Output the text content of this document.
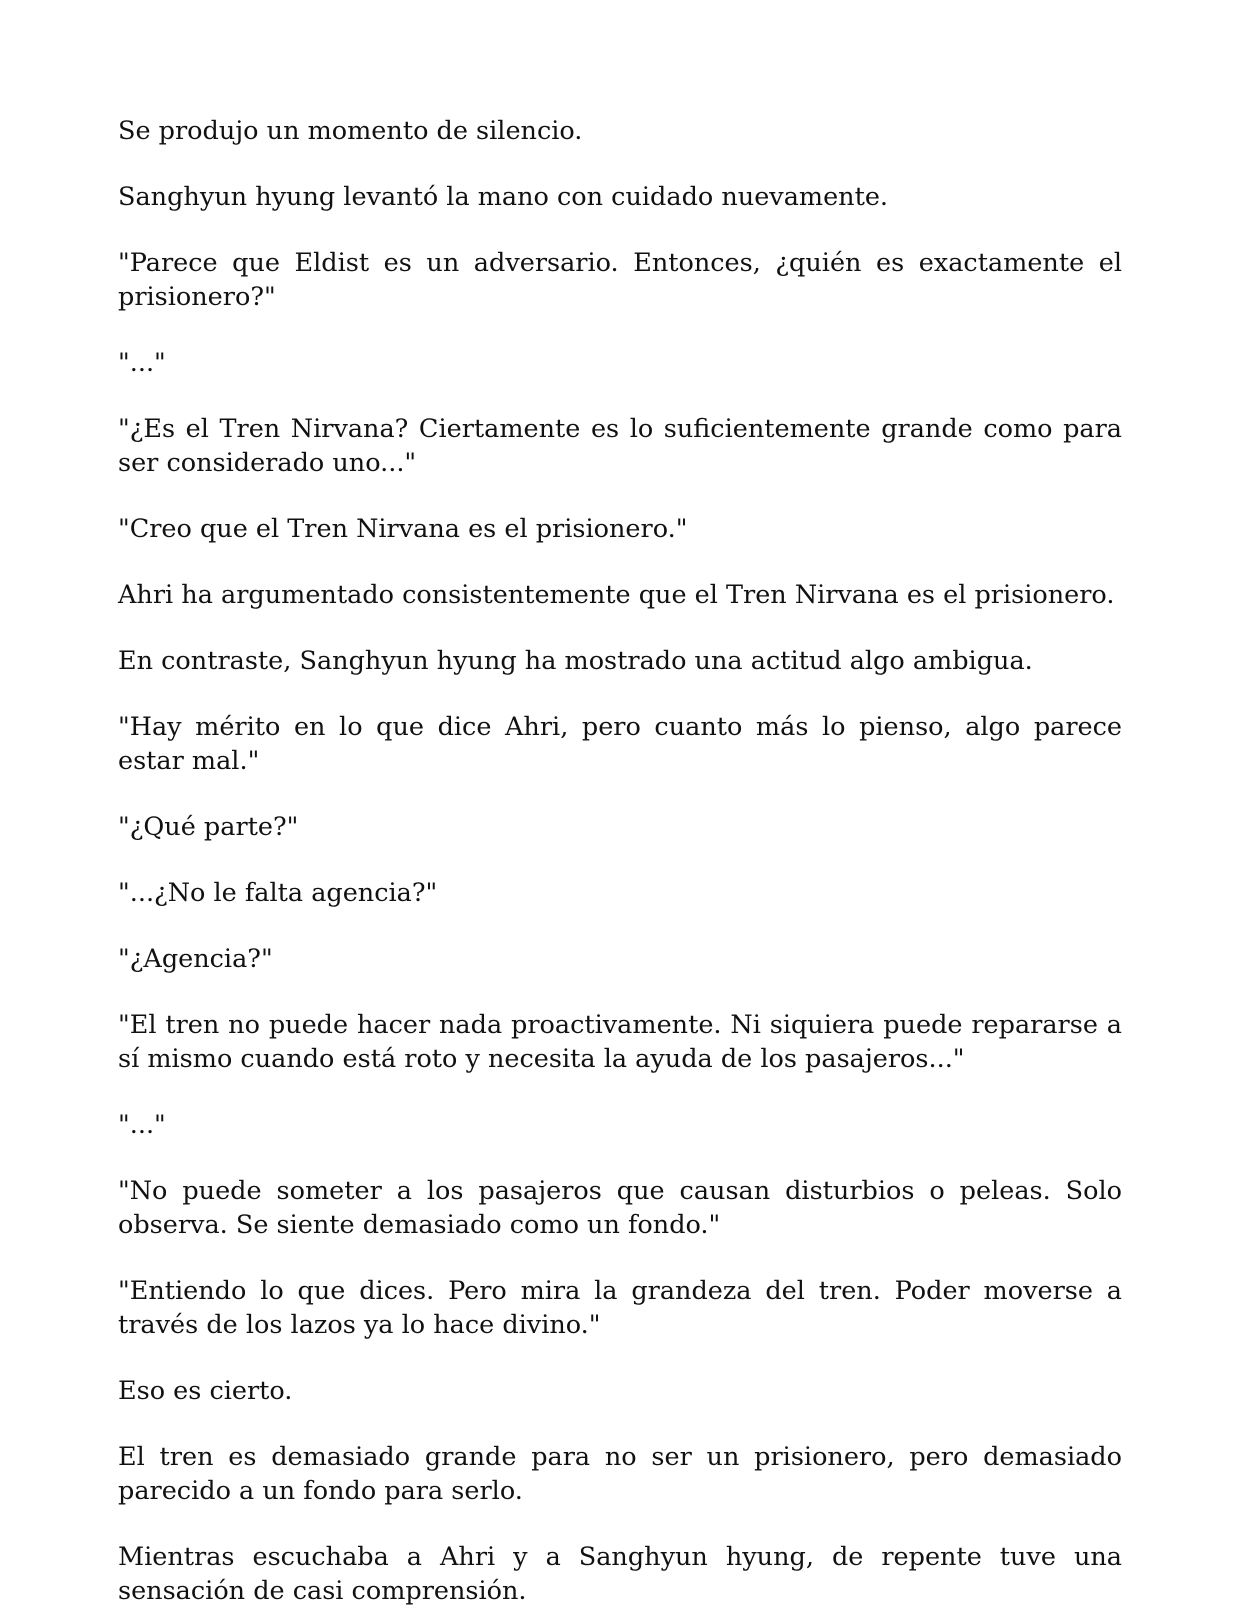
Se produjo un momento de silencio.

Sanghyun hyung levantó la mano con cuidado nuevamente.

"Parece que Eldist es un adversario. Entonces, ¿quién es exactamente el prisionero?"

"..."

"¿Es el Tren Nirvana? Ciertamente es lo suficientemente grande como para ser considerado uno..."

"Creo que el Tren Nirvana es el prisionero."

Ahri ha argumentado consistentemente que el Tren Nirvana es el prisionero.

En contraste, Sanghyun hyung ha mostrado una actitud algo ambigua.

"Hay mérito en lo que dice Ahri, pero cuanto más lo pienso, algo parece estar mal."

"¿Qué parte?"

"...¿No le falta agencia?"

"¿Agencia?"

"El tren no puede hacer nada proactivamente. Ni siquiera puede repararse a sí mismo cuando está roto y necesita la ayuda de los pasajeros..."

"..."

"No puede someter a los pasajeros que causan disturbios o peleas. Solo observa. Se siente demasiado como un fondo."

"Entiendo lo que dices. Pero mira la grandeza del tren. Poder moverse a través de los lazos ya lo hace divino."

Eso es cierto.

El tren es demasiado grande para no ser un prisionero, pero demasiado parecido a un fondo para serlo.

Mientras escuchaba a Ahri y a Sanghyun hyung, de repente tuve una sensación de casi comprensión.
